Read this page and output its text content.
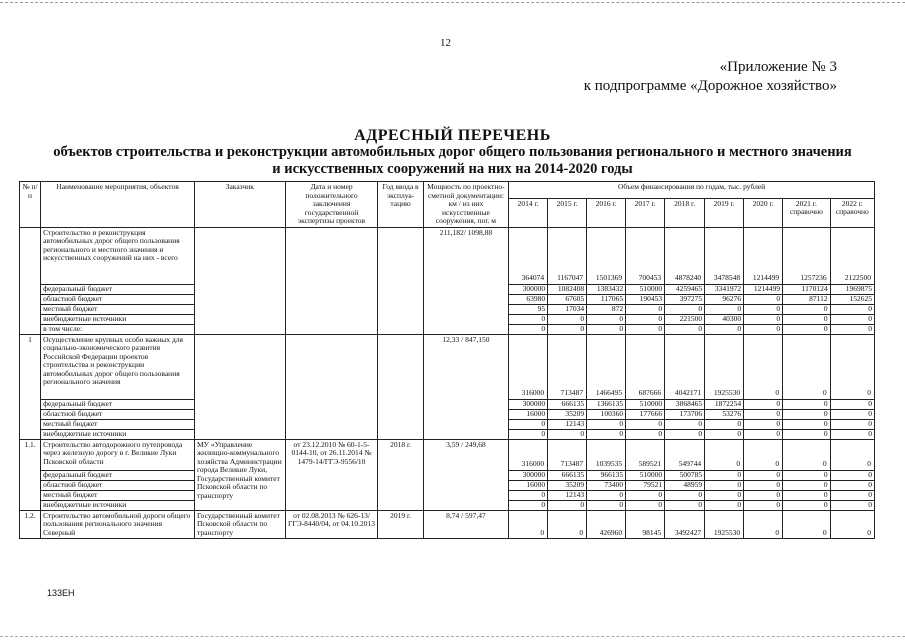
12
«Приложение № 3
к подпрограмме «Дорожное хозяйство»
АДРЕСНЫЙ ПЕРЕЧЕНЬ
объектов строительства и реконструкции автомобильных дорог общего пользования регионального и местного значения и искусственных сооружений на них на 2014-2020 годы
№ п/п	Наименование мероприятия, объектов	Заказчик	Дата и номер положительного заключения государственной экспертизы проектов	Год ввода в эксплуа-тацию	Мощность по проектно-сметной документации: км / из них искусственные сооружения, пог. м	Объем финансирования по годам, тыс. рублей								
						2014 г.	2015 г.	2016 г.	2017 г.	2018 г.	2019 г.	2020 г.	2021 г. справочно	2022 г. справочно
	Строительство и реконструкция автомобильных дорог общего пользования регионального и местного значения и искусственных сооружений на них - всего				211,182/ 1098,88	364074	1167047	1501369	700453	4878240	3478548	1214499	1257236	2122500
	федеральный бюджет					300000	1082408	1383432	510000	4259465	3341972	1214499	1170124	1969875
	областной бюджет					63980	67605	117065	190453	397275	96276	0	87112	152625
	местный бюджет					95	17034	872	0	0	0	0	0	0
	внебюджетные источники					0	0	0	0	221500	40300	0	0	0
	в том числе:					0	0	0	0	0	0	0	0	0
1	Осуществление крупных особо важных для социально-экономического развития Российской Федерации проектов строительства и реконструкции автомобильных дорог общего пользования регионального значения				12,33 / 847,150	316000	713487	1466495	687666	4042171	1925530	0	0	0
	федеральный бюджет					300000	666135	1366135	510000	3868465	1872254	0	0	0
	областной бюджет					16000	35209	100360	177666	173706	53276	0	0	0
	местный бюджет					0	12143	0	0	0	0	0	0	0
	внебюджетные источники					0	0	0	0	0	0	0	0	0
1.1.	Строительство автодорожного путепровода через железную дорогу в г. Великие Луки Псковской области	МУ «Управление жилищно-коммунального хозяйства Администрации города Великие Луки, Государственный комитет Псковской области по транспорту	от 23.12.2010 № 60-1-5-0144-10, от 26.11.2014 № 1479-14/ГГЭ-9556/10	2018 г.	3,59 / 249,68	316000	713487	1039535	589521	549744	0	0	0	0
	федеральный бюджет					300000	666135	966135	510000	500785	0	0	0	0
	областной бюджет					16000	35209	73400	79521	48959	0	0	0	0
	местный бюджет					0	12143	0	0	0	0	0	0	0
	внебюджетные источники					0	0	0	0	0	0	0	0	0
1.2.	Строительство автомобильной дороги общего пользования регионального значения Северный	Государственный комитет Псковской области по транспорту	от 02.08.2013 № 626-13/ГГЭ-8440/04, от 04.10.2013	2019 г.	8,74 / 597,47	0	0	426960	98145	3492427	1925530	0	0	0
133ЕН
